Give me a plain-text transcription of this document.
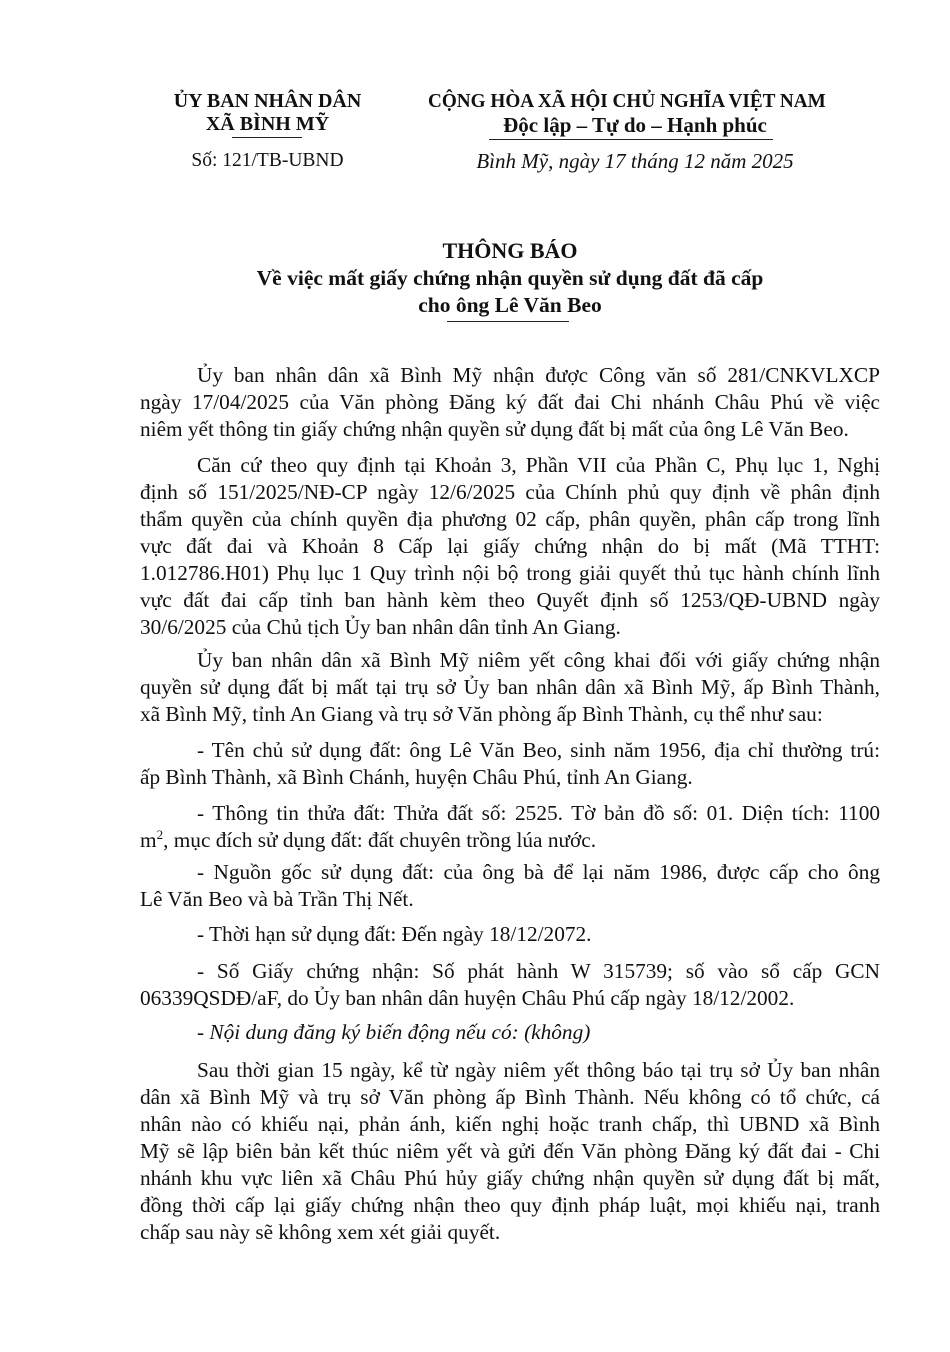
ỦY BAN NHÂN DÂN
XÃ BÌNH MỸ
Số: 121/TB-UBND
CỘNG HÒA XÃ HỘI CHỦ NGHĨA VIỆT NAM
Độc lập – Tự do – Hạnh phúc
Bình Mỹ, ngày 17 tháng 12 năm 2025
THÔNG BÁO
Về việc mất giấy chứng nhận quyền sử dụng đất đã cấp
cho ông Lê Văn Beo
Ủy ban nhân dân xã Bình Mỹ nhận được Công văn số 281/CNKVLXCP
ngày 17/04/2025 của Văn phòng Đăng ký đất đai Chi nhánh Châu Phú về việc
niêm yết thông tin giấy chứng nhận quyền sử dụng đất bị mất của ông Lê Văn Beo.
Căn cứ theo quy định tại Khoản 3, Phần VII của Phần C, Phụ lục 1, Nghị
định số 151/2025/NĐ-CP ngày 12/6/2025 của Chính phủ quy định về phân định
thẩm quyền của chính quyền địa phương 02 cấp, phân quyền, phân cấp trong lĩnh
vực đất đai và Khoản 8 Cấp lại giấy chứng nhận do bị mất (Mã TTHT:
1.012786.H01) Phụ lục 1 Quy trình nội bộ trong giải quyết thủ tục hành chính lĩnh
vực đất đai cấp tỉnh ban hành kèm theo Quyết định số 1253/QĐ-UBND ngày
30/6/2025 của Chủ tịch Ủy ban nhân dân tỉnh An Giang.
Ủy ban nhân dân xã Bình Mỹ niêm yết công khai đối với giấy chứng nhận
quyền sử dụng đất bị mất tại trụ sở Ủy ban nhân dân xã Bình Mỹ, ấp Bình Thành,
xã Bình Mỹ, tỉnh An Giang và trụ sở Văn phòng ấp Bình Thành, cụ thể như sau:
- Tên chủ sử dụng đất: ông Lê Văn Beo, sinh năm 1956, địa chỉ thường trú:
ấp Bình Thành, xã Bình Chánh, huyện Châu Phú, tỉnh An Giang.
- Thông tin thửa đất: Thửa đất số: 2525. Tờ bản đồ số: 01. Diện tích: 1100
$m^2$, mục đích sử dụng đất: đất chuyên trồng lúa nước.
- Nguồn gốc sử dụng đất: của ông bà để lại năm 1986, được cấp cho ông
Lê Văn Beo và bà Trần Thị Nết.
- Thời hạn sử dụng đất: Đến ngày 18/12/2072.
- Số Giấy chứng nhận: Số phát hành W 315739; số vào sổ cấp GCN
06339QSDĐ/aF, do Ủy ban nhân dân huyện Châu Phú cấp ngày 18/12/2002.
- Nội dung đăng ký biến động nếu có: (không)
Sau thời gian 15 ngày, kể từ ngày niêm yết thông báo tại trụ sở Ủy ban nhân
dân xã Bình Mỹ và trụ sở Văn phòng ấp Bình Thành. Nếu không có tổ chức, cá
nhân nào có khiếu nại, phản ánh, kiến nghị hoặc tranh chấp, thì UBND xã Bình
Mỹ sẽ lập biên bản kết thúc niêm yết và gửi đến Văn phòng Đăng ký đất đai - Chi
nhánh khu vực liên xã Châu Phú hủy giấy chứng nhận quyền sử dụng đất bị mất,
đồng thời cấp lại giấy chứng nhận theo quy định pháp luật, mọi khiếu nại, tranh
chấp sau này sẽ không xem xét giải quyết.
